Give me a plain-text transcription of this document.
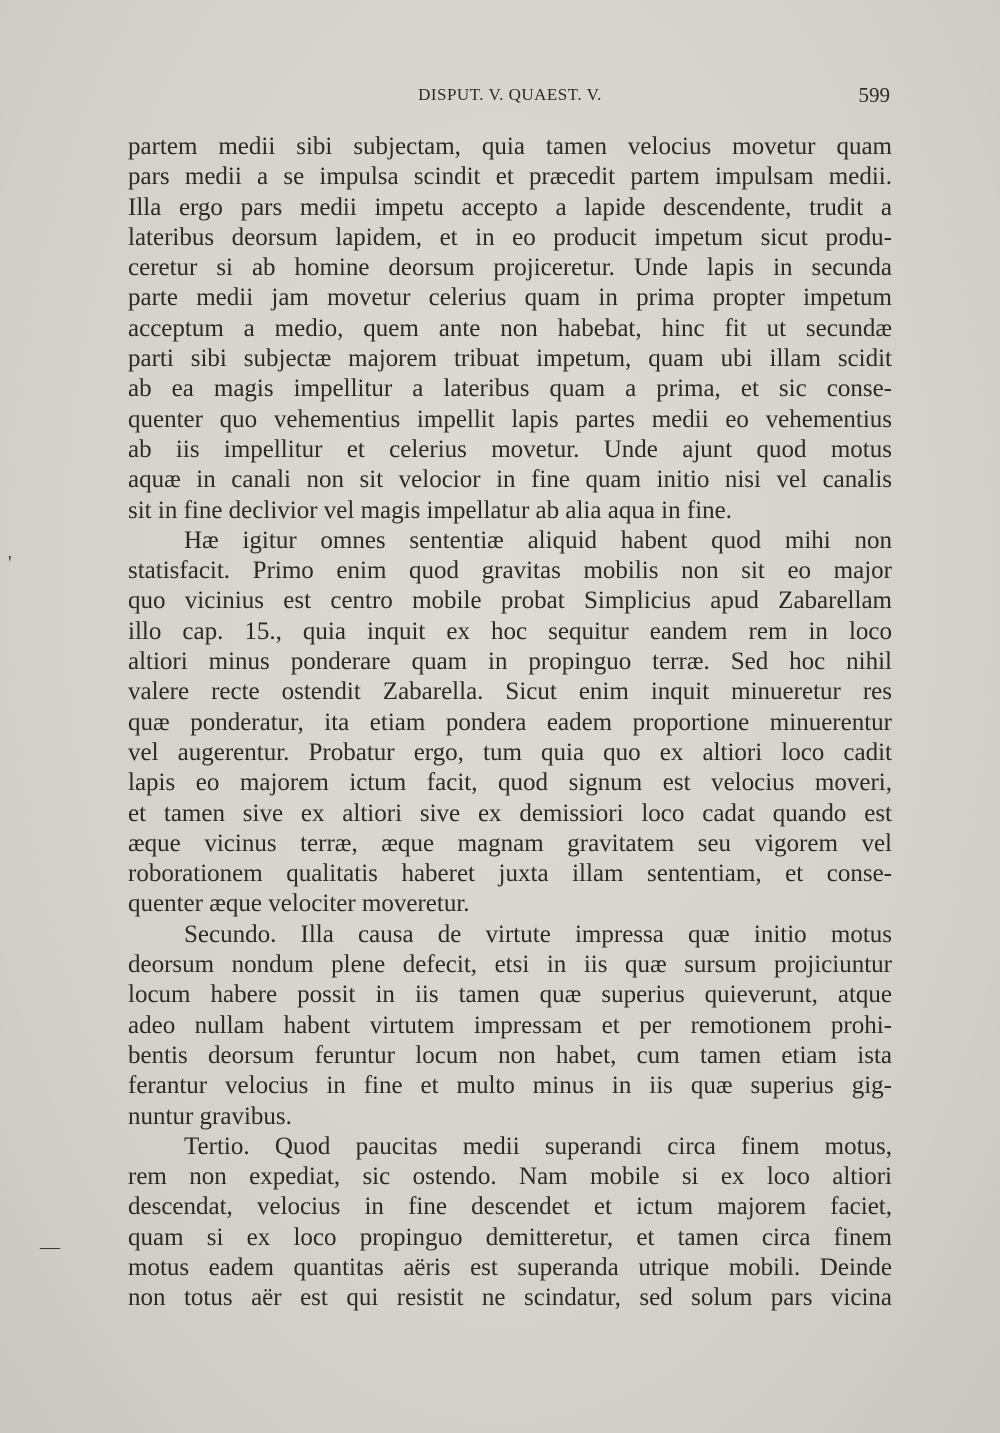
DISPUT. V. QUAEST. V.	599
'
—
partem medii sibi subjectam, quia tamen velocius movetur quam
pars medii a se impulsa scindit et præcedit partem impulsam medii.
Illa ergo pars medii impetu accepto a lapide descendente, trudit a
lateribus deorsum lapidem, et in eo producit impetum sicut produ-
ceretur si ab homine deorsum projiceretur. Unde lapis in secunda
parte medii jam movetur celerius quam in prima propter impetum
acceptum a medio, quem ante non habebat, hinc fit ut secundæ
parti sibi subjectæ majorem tribuat impetum, quam ubi illam scidit
ab ea magis impellitur a lateribus quam a prima, et sic conse-
quenter quo vehementius impellit lapis partes medii eo vehementius
ab iis impellitur et celerius movetur. Unde ajunt quod motus
aquæ in canali non sit velocior in fine quam initio nisi vel canalis
sit in fine declivior vel magis impellatur ab alia aqua in fine.
Hæ igitur omnes sententiæ aliquid habent quod mihi non
statisfacit. Primo enim quod gravitas mobilis non sit eo major
quo vicinius est centro mobile probat Simplicius apud Zabarellam
illo cap. 15., quia inquit ex hoc sequitur eandem rem in loco
altiori minus ponderare quam in propinguo terræ. Sed hoc nihil
valere recte ostendit Zabarella. Sicut enim inquit minueretur res
quæ ponderatur, ita etiam pondera eadem proportione minuerentur
vel augerentur. Probatur ergo, tum quia quo ex altiori loco cadit
lapis eo majorem ictum facit, quod signum est velocius moveri,
et tamen sive ex altiori sive ex demissiori loco cadat quando est
æque vicinus terræ, æque magnam gravitatem seu vigorem vel
roborationem qualitatis haberet juxta illam sententiam, et conse-
quenter æque velociter moveretur.
Secundo. Illa causa de virtute impressa quæ initio motus
deorsum nondum plene defecit, etsi in iis quæ sursum projiciuntur
locum habere possit in iis tamen quæ superius quieverunt, atque
adeo nullam habent virtutem impressam et per remotionem prohi-
bentis deorsum feruntur locum non habet, cum tamen etiam ista
ferantur velocius in fine et multo minus in iis quæ superius gig-
nuntur gravibus.
Tertio. Quod paucitas medii superandi circa finem motus,
rem non expediat, sic ostendo. Nam mobile si ex loco altiori
descendat, velocius in fine descendet et ictum majorem faciet,
quam si ex loco propinguo demitteretur, et tamen circa finem
motus eadem quantitas aëris est superanda utrique mobili. Deinde
non totus aër est qui resistit ne scindatur, sed solum pars vicina
